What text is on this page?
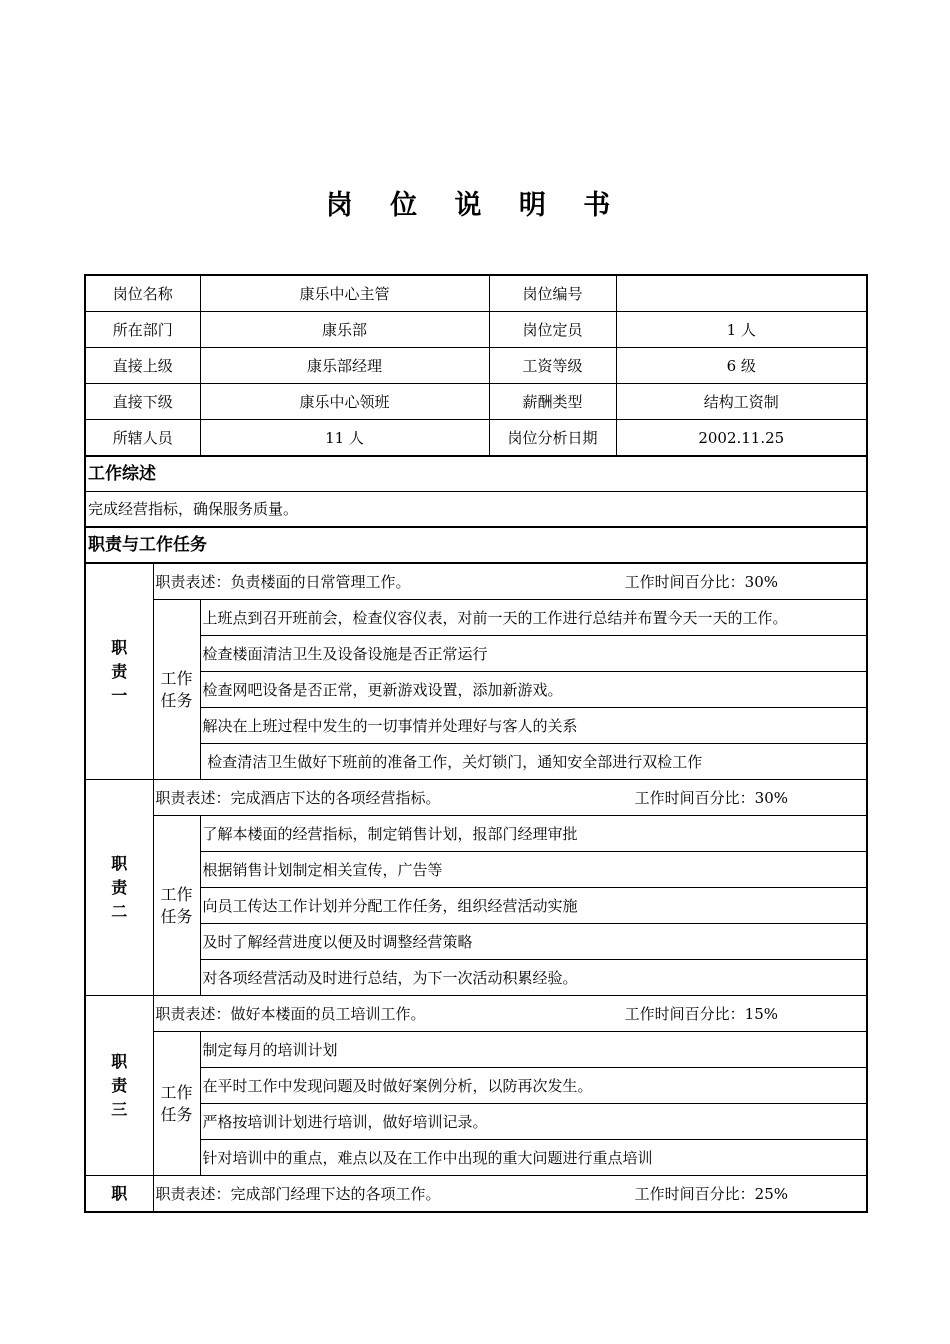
岗 位 说 明 书
岗位名称		康乐中心主管	岗位编号	
所在部门		康乐部	岗位定员	1 人
直接上级		康乐部经理	工资等级	6 级
直接下级		康乐中心领班	薪酬类型	结构工资制
所辖人员		11 人	岗位分析日期	2002.11.25
工作综述				
完成经营指标，确保服务质量。				
职责与工作任务				
职责一	职责表述：负责楼面的日常管理工作。 工作时间百分比：30%			

	工作任务	上班点到召开班前会，检查仪容仪表，对前一天的工作进行总结并布置今天一天的工作。		
		检查楼面清洁卫生及设备设施是否正常运行		
		检查网吧设备是否正常，更新游戏设置，添加新游戏。		
		解决在上班过程中发生的一切事情并处理好与客人的关系		
		检查清洁卫生做好下班前的准备工作，关灯锁门，通知安全部进行双检工作		
职责二	职责表述：完成酒店下达的各项经营指标。 工作时间百分比：30%			

	工作任务	了解本楼面的经营指标，制定销售计划，报部门经理审批		
		根据销售计划制定相关宣传，广告等		
		向员工传达工作计划并分配工作任务，组织经营活动实施		
		及时了解经营进度以便及时调整经营策略		
		对各项经营活动及时进行总结，为下一次活动积累经验。		
职责三	职责表述：做好本楼面的员工培训工作。 工作时间百分比：15%			

	工作任务	制定每月的培训计划		
		在平时工作中发现问题及时做好案例分析，以防再次发生。		
		严格按培训计划进行培训，做好培训记录。		
		针对培训中的重点，难点以及在工作中出现的重大问题进行重点培训		
职	职责表述：完成部门经理下达的各项工作。 工作时间百分比：25%			
